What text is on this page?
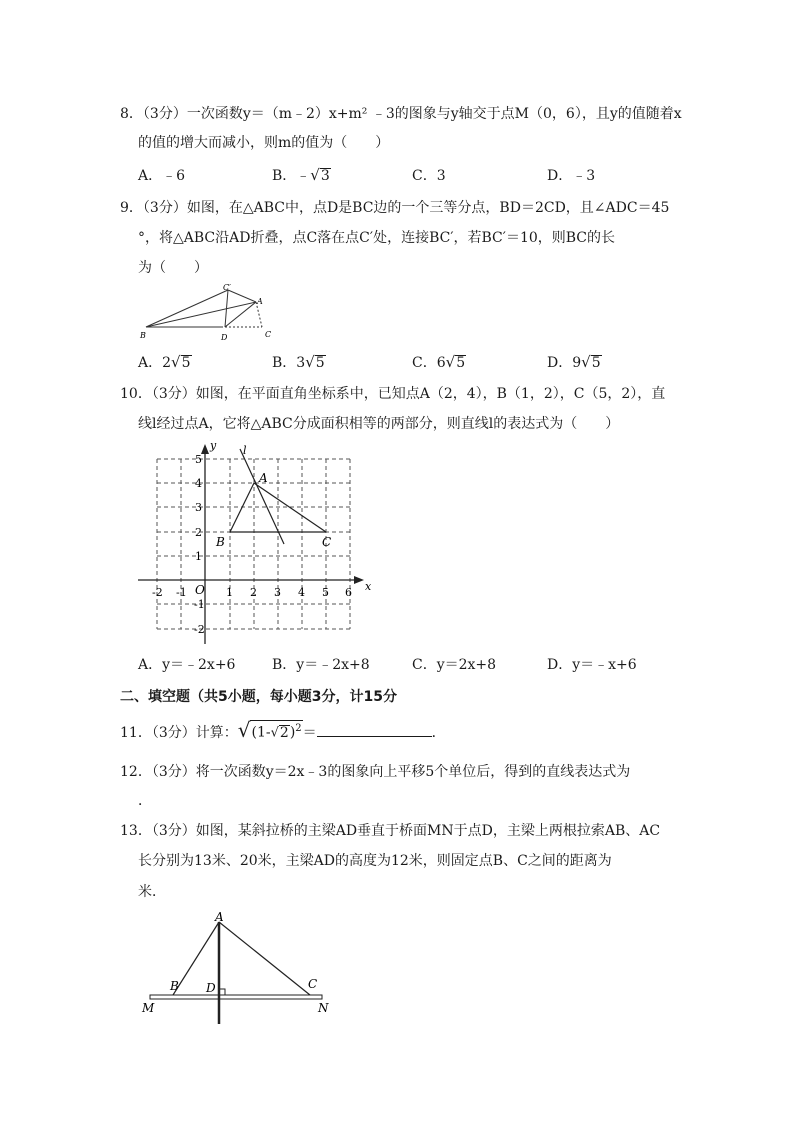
8．（3分）一次函数y＝（m﹣2）x+m² ﹣3的图象与y轴交于点M（0，6），且y的值随着x
的值的增大而减小，则m的值为（　　）
A．﹣6	B．﹣√3	C．3	D．﹣3
9．（3分）如图，在△ABC中，点D是BC边的一个三等分点，BD＝2CD，且∠ADC＝45
°，将△ABC沿AD折叠，点C落在点C′处，连接BC′，若BC′＝10，则BC的长
为（　　）
C′
A
B	D	C
A．2√5	B．3√5	C．6√5	D．9√5
10．（3分）如图，在平面直角坐标系中，已知点A（2，4），B（1，2），C（5，2），直
线l经过点A，它将△ABC分成面积相等的两部分，则直线l的表达式为（　　）
y
x
l
A
B	C
O
-2 -1	1 2 3 4 5 6
5
4
3
2
1
-1
-2
A．y＝﹣2x+6	B．y＝﹣2x+8	C．y＝2x+8	D．y＝﹣x+6
二、填空题（共5小题，每小题3分，计15分
11．（3分）计算：$√(1-√2)^2=$	．
12．（3分）将一次函数y＝2x﹣3的图象向上平移5个单位后，得到的直线表达式为
．
13．（3分）如图，某斜拉桥的主梁AD垂直于桥面MN于点D，主梁上两根拉索AB、AC
长分别为13米、20米，主梁AD的高度为12米，则固定点B、C之间的距离为
米．
A
B D	C
M	N
